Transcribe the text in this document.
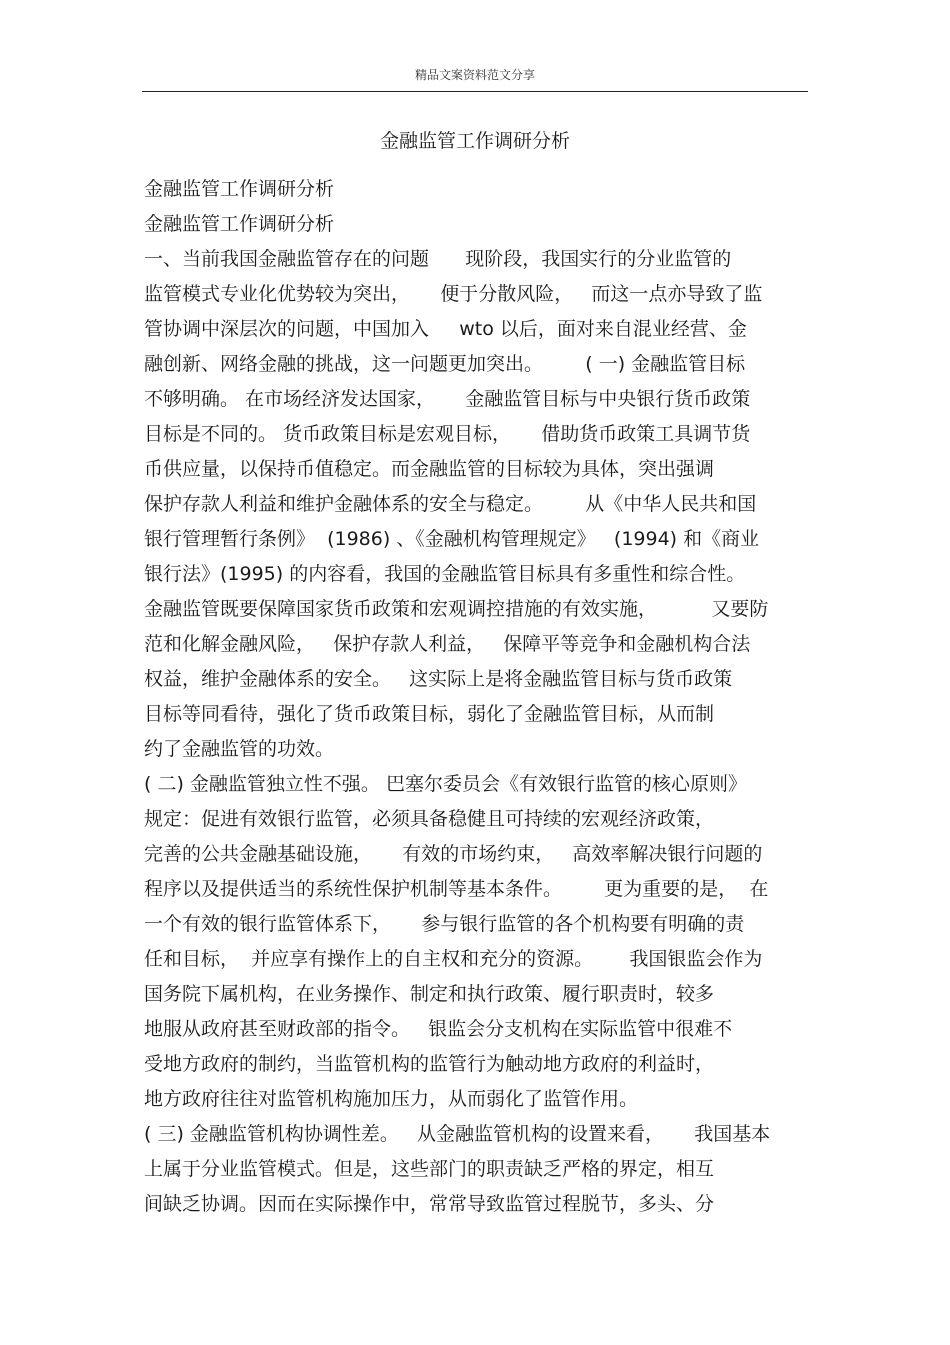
精品文案资料范文分享
金融监管工作调研分析
金融监管工作调研分析
金融监管工作调研分析
一、当前我国金融监管存在的问题      现阶段，我国实行的分业监管的
监管模式专业化优势较为突出，     便于分散风险，   而这一点亦导致了监
管协调中深层次的问题，中国加入     wto 以后，面对来自混业经营、金
融创新、网络金融的挑战，这一问题更加突出。       ( 一) 金融监管目标
不够明确。 在市场经济发达国家，     金融监管目标与中央银行货币政策
目标是不同的。 货币政策目标是宏观目标，     借助货币政策工具调节货
币供应量，以保持币值稳定。而金融监管的目标较为具体，突出强调
保护存款人利益和维护金融体系的安全与稳定。       从《中华人民共和国
银行管理暂行条例》  (1986) 、《金融机构管理规定》   (1994) 和《商业
银行法》(1995) 的内容看，我国的金融监管目标具有多重性和综合性。
金融监管既要保障国家货币政策和宏观调控措施的有效实施，         又要防
范和化解金融风险，   保护存款人利益，   保障平等竞争和金融机构合法
权益，维护金融体系的安全。   这实际上是将金融监管目标与货币政策
目标等同看待，强化了货币政策目标，弱化了金融监管目标，从而制
约了金融监管的功效。
( 二) 金融监管独立性不强。 巴塞尔委员会《有效银行监管的核心原则》
规定：促进有效银行监管，必须具备稳健且可持续的宏观经济政策，
完善的公共金融基础设施，     有效的市场约束，   高效率解决银行问题的
程序以及提供适当的系统性保护机制等基本条件。       更为重要的是，  在
一个有效的银行监管体系下，     参与银行监管的各个机构要有明确的责
任和目标，  并应享有操作上的自主权和充分的资源。      我国银监会作为
国务院下属机构，在业务操作、制定和执行政策、履行职责时，较多
地服从政府甚至财政部的指令。   银监会分支机构在实际监管中很难不
受地方政府的制约，当监管机构的监管行为触动地方政府的利益时，
地方政府往往对监管机构施加压力，从而弱化了监管作用。
( 三) 金融监管机构协调性差。   从金融监管机构的设置来看，     我国基本
上属于分业监管模式。但是，这些部门的职责缺乏严格的界定，相互
间缺乏协调。因而在实际操作中，常常导致监管过程脱节，多头、分
